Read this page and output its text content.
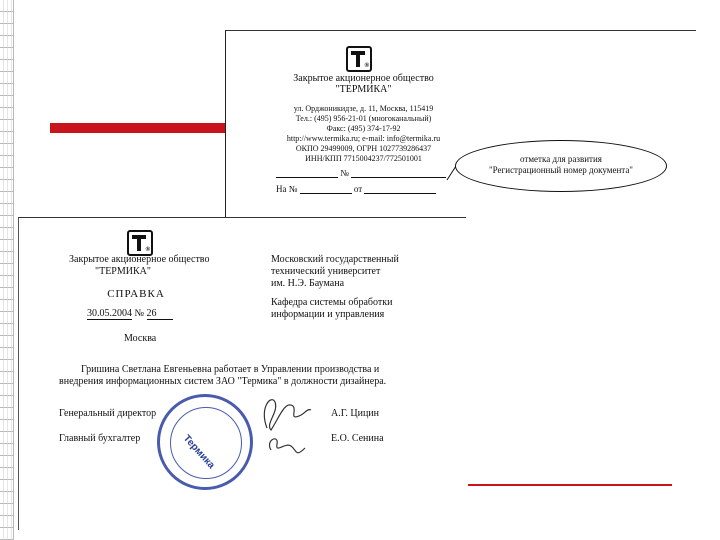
®
Закрытое акционерное общество
"ТЕРМИКА"
ул. Орджоникидзе, д. 11, Москва, 115419
Тел.: (495) 956-21-01 (многоканальный)
Факс: (495) 374-17-92
http://www.termika.ru; e-mail: info@termika.ru
ОКПО 29499009, ОГРН 1027739286437
ИНН/КПП 7715004237/772501001
№
На №	от
отметка для развития
"Регистрационный номер документа"
®
Закрытое акционерное общество
"ТЕРМИКА"
СПРАВКА
30.05.2004 № 26
Москва
Московский государственный
технический университет
им. Н.Э. Баумана
Кафедра системы обработки
информации и управления
Гришина Светлана Евгеньевна работает в Управлении производства и
внедрения информационных систем ЗАО "Термика" в должности дизайнера.
Генеральный директор	А.Г. Цицин
Главный бухгалтер	Е.О. Сенина
Термика
